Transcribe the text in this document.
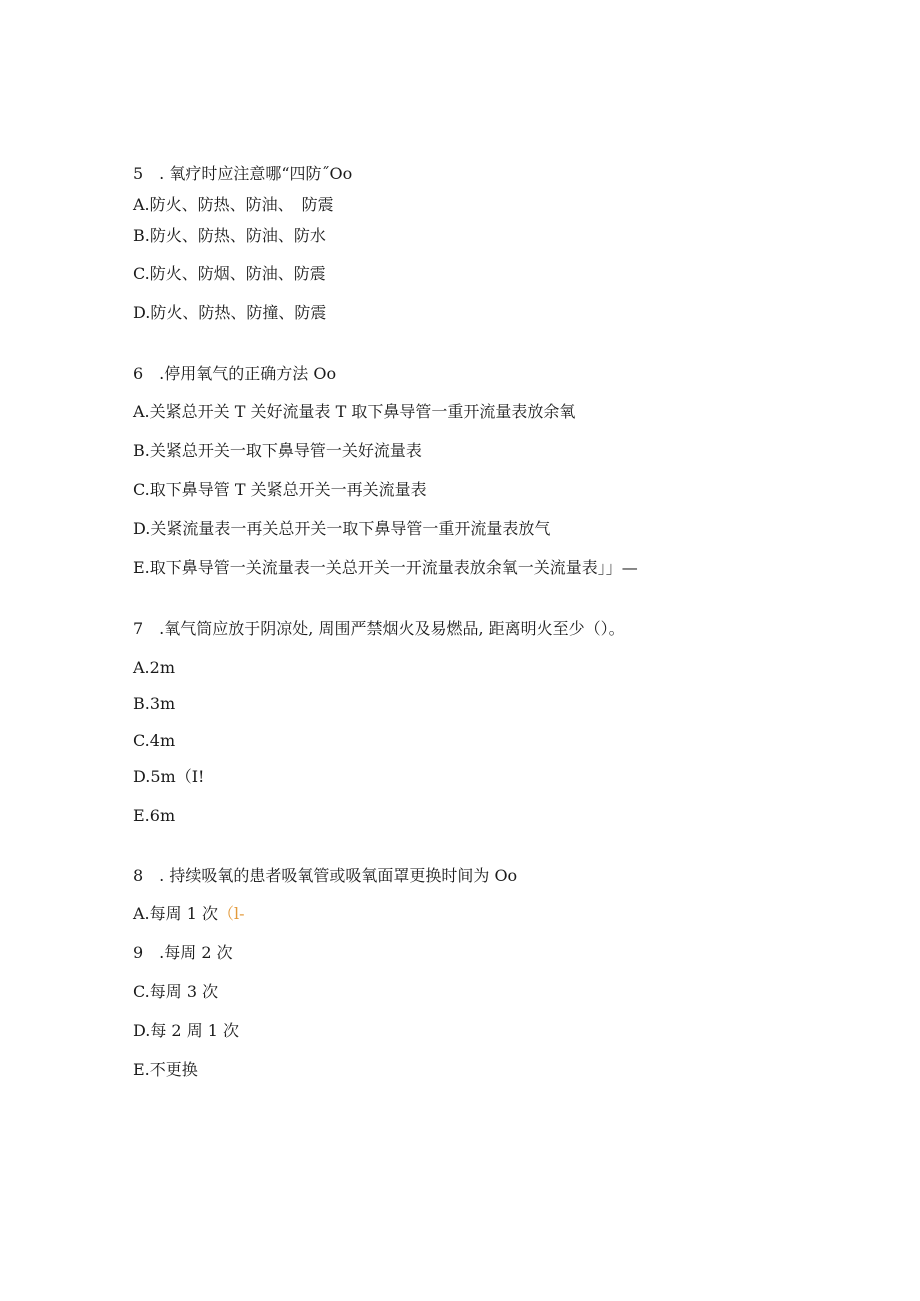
5　. 氧疗时应注意哪“四防˝Oo
A.防火、防热、防油、　防震
B.防火、防热、防油、防水
C.防火、防烟、防油、防震
D.防火、防热、防撞、防震
6　.停用氧气的正确方法 Oo
A.关紧总开关 T 关好流量表 T 取下鼻导管一重开流量表放余氧
B.关紧总开关一取下鼻导管一关好流量表
C.取下鼻导管 T 关紧总开关一再关流量表
D.关紧流量表一再关总开关一取下鼻导管一重开流量表放气
E.取下鼻导管一关流量表一关总开关一开流量表放余氧一关流量表」」—
7　.氧气筒应放于阴凉处, 周围严禁烟火及易燃品, 距离明火至少（）。
A.2m
B.3m
C.4m
D.5m（I!
E.6m
8　. 持续吸氧的患者吸氧管或吸氧面罩更换时间为 Oo
A.每周 1 次（l-
9　.每周 2 次
C.每周 3 次
D.每 2 周 1 次
E.不更换
